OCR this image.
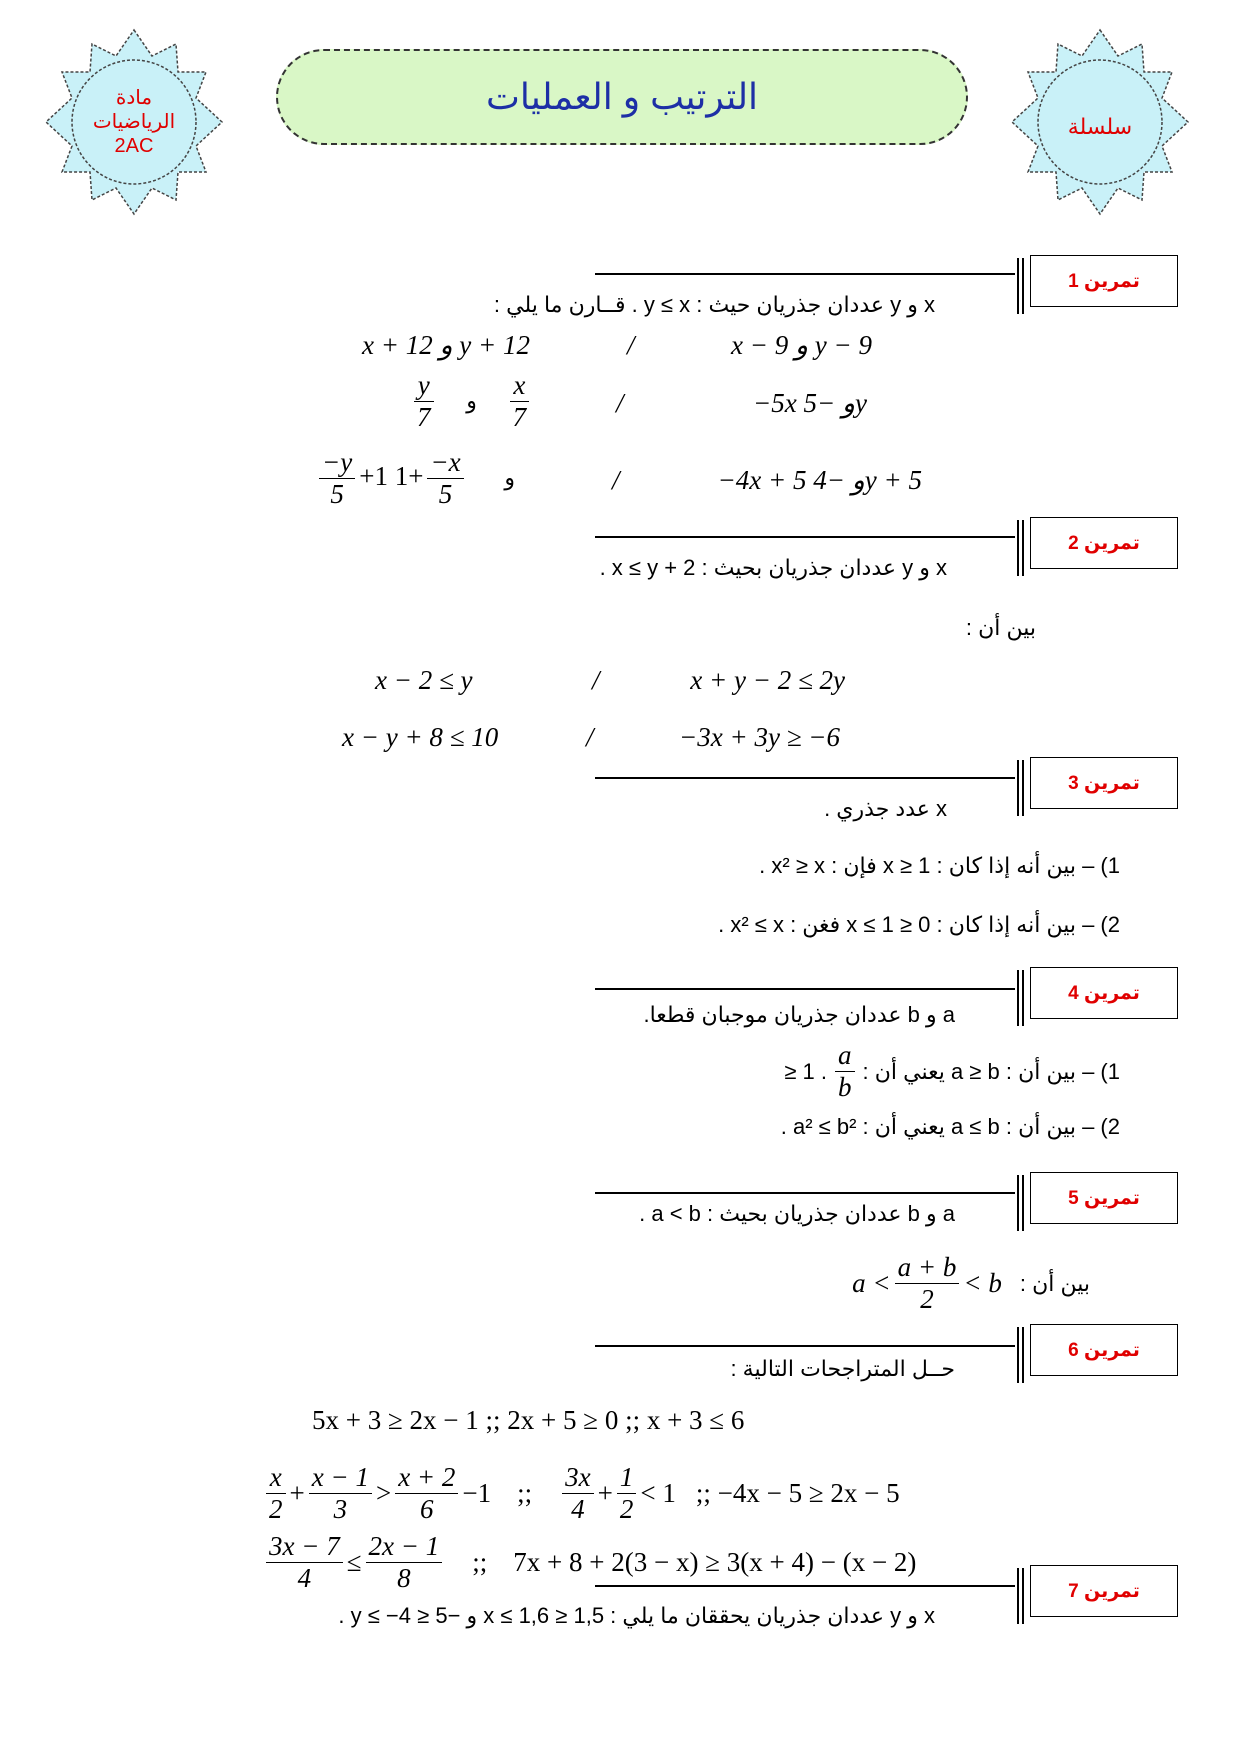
مادة
الرياضيات
2AC
الترتيب و العمليات
سلسلة
تمرين 1
x و y عددان جذريان حيث : y ≤ x . قــارن ما يلي :
x − 9 و y − 9
/
x + 12 و y + 12
−5x و −5y
/
$\frac{y}{7}$ و $\frac{x}{7}$
−4x + 5 و −4y + 5
/
$\frac{-y}{5} +1$	و
$\frac{-x}{5}$
+1
تمرين 2
x و y عددان جذريان بحيث : x ≤ y + 2 .
بين أن :
x + y − 2 ≤ 2y
/
x − 2 ≤ y
−3x + 3y ≥ −6
/
x − y + 8 ≤ 10
تمرين 3
x عدد جذري .
1) – بين أنه إذا كان : x ≥ 1 فإن : x² ≥ x .
2) – بين أنه إذا كان : 0 ≤ x ≤ 1 فغن : x² ≤ x .
تمرين 4
a و b عددان جذريان موجبان قطعا.
1) – بين أن : a ≥ b يعني أن :
$\frac{a}{b}$
≥ 1 .
2) – بين أن : a ≤ b يعني أن : a² ≤ b² .
تمرين 5
a و b عددان جذريان بحيث : a < b .
$a < \frac{a + b}{2} < b$ بين أن :
تمرين 6
حــل المتراجحات التالية :
5x + 3 ≥ 2x − 1 ;; 2x + 5 ≥ 0 ;; x + 3 ≤ 6
$\frac{x}{2} + \frac{x - 1}{3} > \frac{x + 2}{6} -1$ ;; $\frac{3x}{4} + \frac{1}{2} < 1$ ;; −4x − 5 ≥ 2x − 5
$\frac{3x - 7}{4} \le \frac{2x - 1}{8}$ ;; 7x + 8 + 2(3 − x) ≥ 3(x + 4) − (x − 2)
تمرين 7
x و y عددان جذريان يحققان ما يلي : 1,5 ≤ x ≤ 1,6 و −5 ≤ y ≤ −4 .
